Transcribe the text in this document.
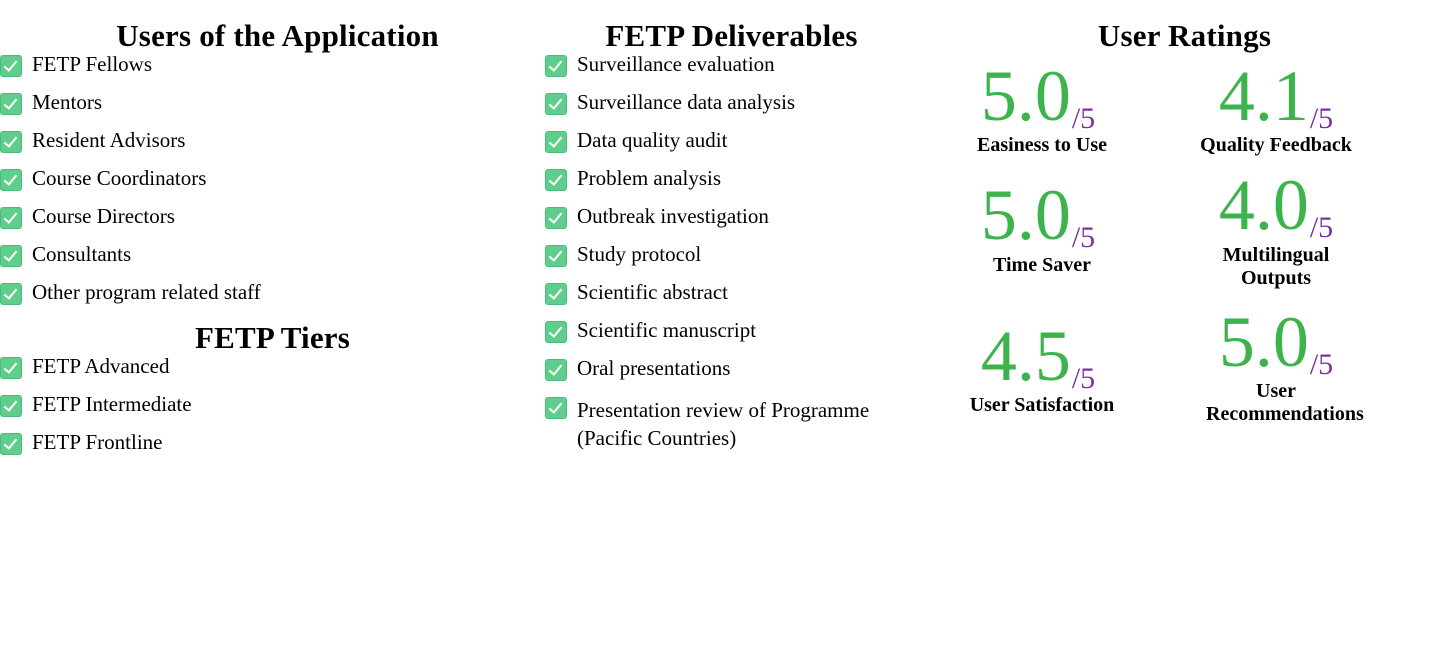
Users of the Application
FETP Fellows
Mentors
Resident Advisors
Course Coordinators
Course Directors
Consultants
Other program related staff
FETP Tiers
FETP Advanced
FETP Intermediate
FETP Frontline
FETP Deliverables
Surveillance evaluation
Surveillance data analysis
Data quality audit
Problem analysis
Outbreak investigation
Study protocol
Scientific abstract
Scientific manuscript
Oral presentations
Presentation review of Programme (Pacific Countries)
User Ratings
5.0/5
Easiness to Use
4.1/5
Quality Feedback
5.0/5
Time Saver
4.0/5
Multilingual Outputs
4.5/5
User Satisfaction
5.0/5
User Recommendations
